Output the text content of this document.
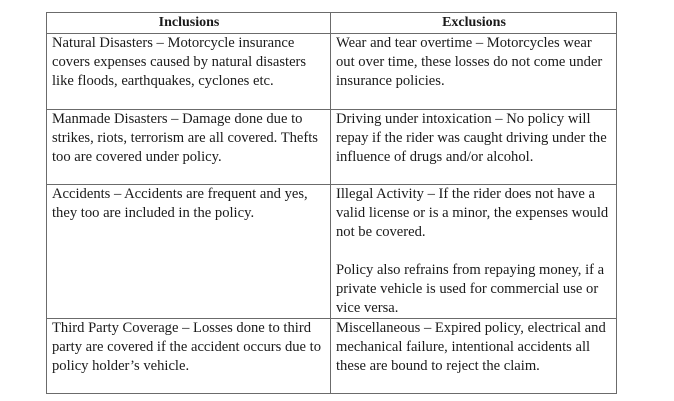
Inclusions	Exclusions

Natural Disasters – Motorcycle insurance covers expenses caused by natural disasters like floods, earthquakes, cyclones etc.	Wear and tear overtime – Motorcycles wear out over time, these losses do not come under insurance policies.

Manmade Disasters – Damage done due to strikes, riots, terrorism are all covered. Thefts too are covered under policy.	Driving under intoxication – No policy will repay if the rider was caught driving under the influence of drugs and/or alcohol.

Accidents – Accidents are frequent and yes, they too are included in the policy.	Illegal Activity – If the rider does not have a valid license or is a minor, the expenses would not be covered.
Policy also refrains from repaying money, if a private vehicle is used for commercial use or vice versa.

Third Party Coverage – Losses done to third party are covered if the accident occurs due to policy holder’s vehicle.	Miscellaneous – Expired policy, electrical and mechanical failure, intentional accidents all these are bound to reject the claim.
